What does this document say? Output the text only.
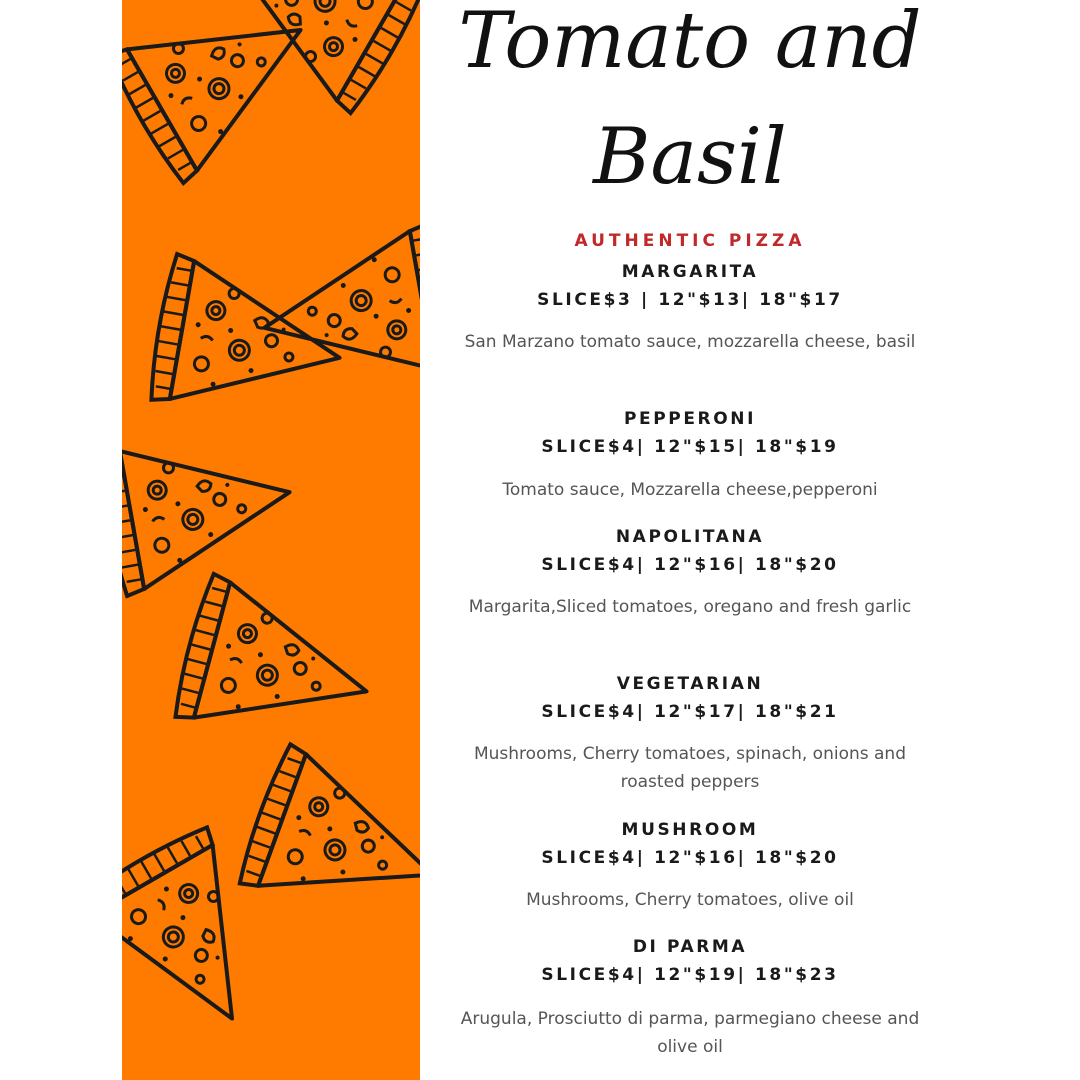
Tomato and
Basil
AUTHENTIC PIZZA
MARGARITA
SLICE$3 | 12"$13| 18"$17
San Marzano tomato sauce, mozzarella cheese, basil
PEPPERONI
SLICE$4| 12"$15| 18"$19
Tomato sauce, Mozzarella cheese,pepperoni
NAPOLITANA
SLICE$4| 12"$16| 18"$20
Margarita,Sliced tomatoes, oregano and fresh garlic
VEGETARIAN
SLICE$4| 12"$17| 18"$21
Mushrooms, Cherry tomatoes, spinach, onions and roasted peppers
MUSHROOM
SLICE$4| 12"$16| 18"$20
Mushrooms, Cherry tomatoes, olive oil
DI PARMA
SLICE$4| 12"$19| 18"$23
Arugula, Prosciutto di parma, parmegiano cheese and olive oil
